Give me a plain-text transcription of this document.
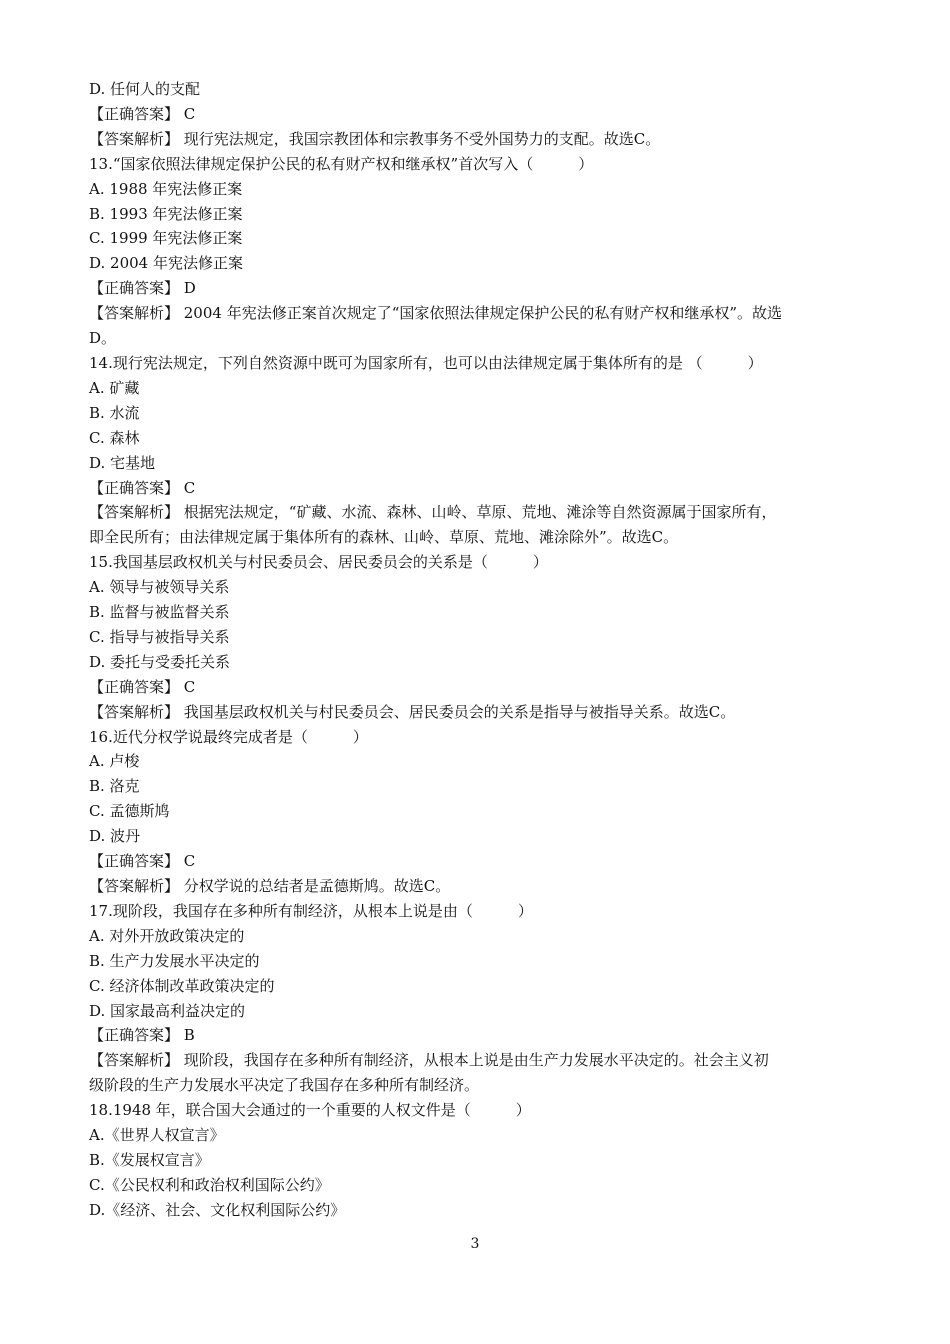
D. 任何人的支配
【正确答案】 C
【答案解析】 现行宪法规定，我国宗教团体和宗教事务不受外国势力的支配。故选C。
13.“国家依照法律规定保护公民的私有财产权和继承权”首次写入（　　　）
A. 1988 年宪法修正案
B. 1993 年宪法修正案
C. 1999 年宪法修正案
D. 2004 年宪法修正案
【正确答案】 D
【答案解析】 2004 年宪法修正案首次规定了“国家依照法律规定保护公民的私有财产权和继承权”。故选
D。
14.现行宪法规定，下列自然资源中既可为国家所有，也可以由法律规定属于集体所有的是 （　　　）
A. 矿藏
B. 水流
C. 森林
D. 宅基地
【正确答案】 C
【答案解析】 根据宪法规定，“矿藏、水流、森林、山岭、草原、荒地、滩涂等自然资源属于国家所有，
即全民所有；由法律规定属于集体所有的森林、山岭、草原、荒地、滩涂除外”。故选C。
15.我国基层政权机关与村民委员会、居民委员会的关系是（　　　）
A. 领导与被领导关系
B. 监督与被监督关系
C. 指导与被指导关系
D. 委托与受委托关系
【正确答案】 C
【答案解析】 我国基层政权机关与村民委员会、居民委员会的关系是指导与被指导关系。故选C。
16.近代分权学说最终完成者是（　　　）
A. 卢梭
B. 洛克
C. 孟德斯鸠
D. 波丹
【正确答案】 C
【答案解析】 分权学说的总结者是孟德斯鸠。故选C。
17.现阶段，我国存在多种所有制经济，从根本上说是由（　　　）
A. 对外开放政策决定的
B. 生产力发展水平决定的
C. 经济体制改革政策决定的
D. 国家最高利益决定的
【正确答案】 B
【答案解析】 现阶段，我国存在多种所有制经济，从根本上说是由生产力发展水平决定的。社会主义初
级阶段的生产力发展水平决定了我国存在多种所有制经济。
18.1948 年，联合国大会通过的一个重要的人权文件是（　　　）
A.《世界人权宣言》
B.《发展权宣言》
C.《公民权利和政治权利国际公约》
D.《经济、社会、文化权利国际公约》
3
